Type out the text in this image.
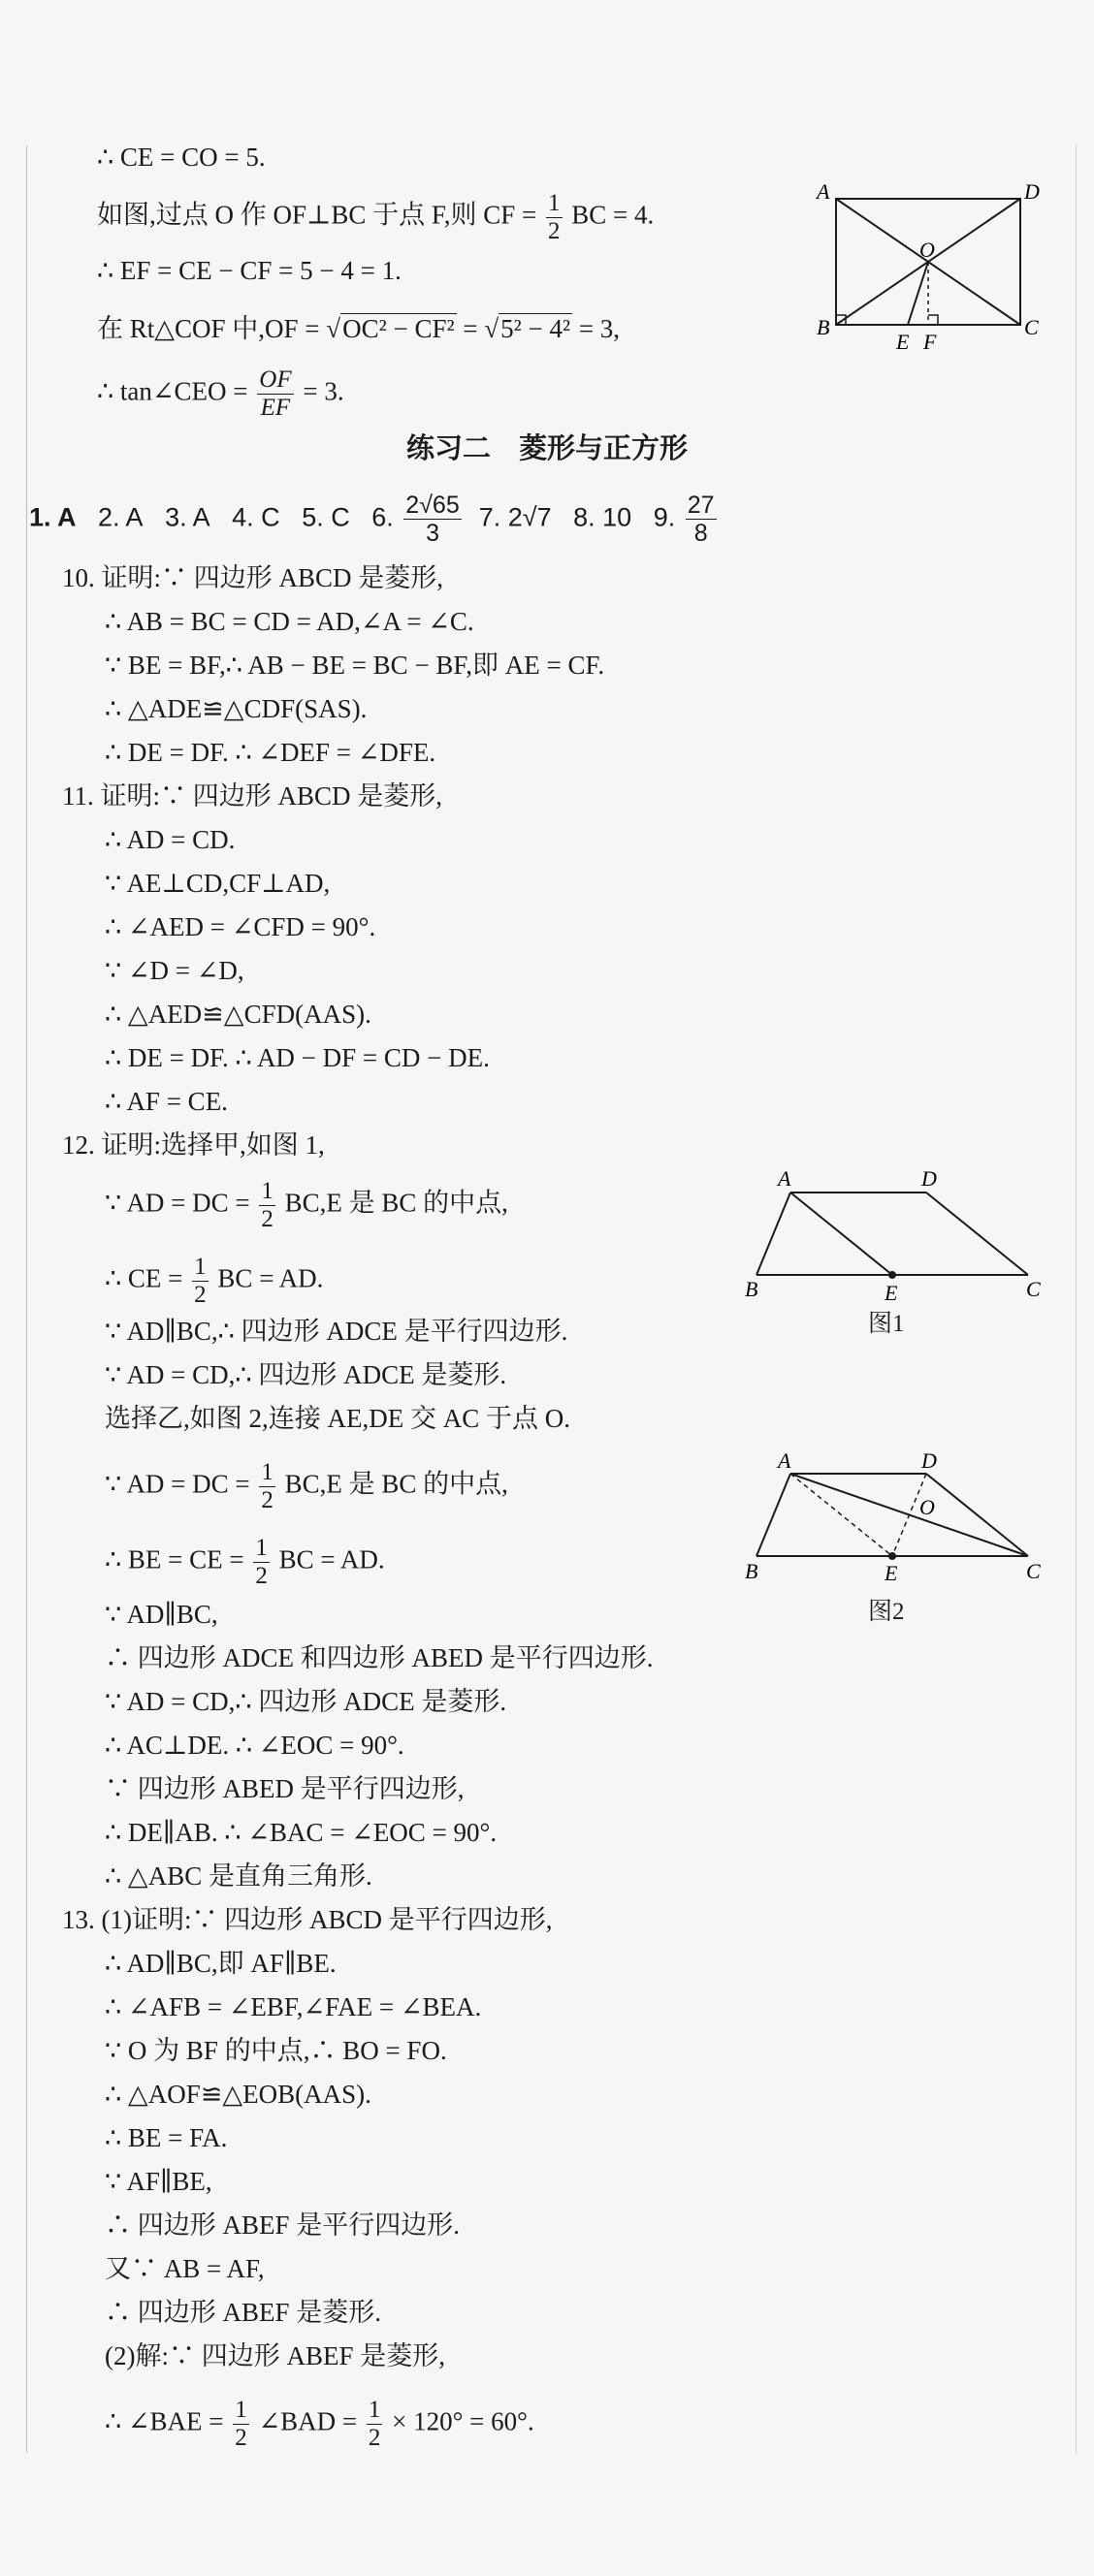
∴ CE = CO = 5.
如图,过点 O 作 OF⊥BC 于点 F,则 CF = $\frac{1}{2}$ BC = 4.
∴ EF = CE − CF = 5 − 4 = 1.
在 Rt△COF 中,OF = √OC² − CF² = √5² − 4² = 3,
∴ tan∠CEO = $\frac{OF}{EF} = 3$.
A	D
B	C
O
E F
练习二　菱形与正方形
1. A 2. A 3. A 4. C 5. C 6. $\frac{2√65}{3} 7$. 2√7 8. 10 9. $\frac{27}{8}$
10. 证明:∵ 四边形 ABCD 是菱形,
∴ AB = BC = CD = AD,∠A = ∠C.
∵ BE = BF,∴ AB − BE = BC − BF,即 AE = CF.
∴ △ADE≌△CDF(SAS).
∴ DE = DF. ∴ ∠DEF = ∠DFE.
11. 证明:∵ 四边形 ABCD 是菱形,
∴ AD = CD.
∵ AE⊥CD,CF⊥AD,
∴ ∠AED = ∠CFD = 90°.
∵ ∠D = ∠D,
∴ △AED≌△CFD(AAS).
∴ DE = DF. ∴ AD − DF = CD − DE.
∴ AF = CE.
12. 证明:选择甲,如图 1,
∵ AD = DC = $\frac{1}{2} BC,E$ 是 BC 的中点,
∴ CE = $\frac{1}{2}$ BC = AD.
∵ AD∥BC,∴ 四边形 ADCE 是平行四边形.
∵ AD = CD,∴ 四边形 ADCE 是菱形.
选择乙,如图 2,连接 AE,DE 交 AC 于点 O.
∵ AD = DC = $\frac{1}{2} BC,E$ 是 BC 的中点,
∴ BE = CE = $\frac{1}{2}$ BC = AD.
∵ AD∥BC,
∴ 四边形 ADCE 和四边形 ABED 是平行四边形.
∵ AD = CD,∴ 四边形 ADCE 是菱形.
∴ AC⊥DE. ∴ ∠EOC = 90°.
∵ 四边形 ABED 是平行四边形,
∴ DE∥AB. ∴ ∠BAC = ∠EOC = 90°.
∴ △ABC 是直角三角形.
A	D
B	E	C
图1
A	D
O
B	E	C
图2
13. (1)证明:∵ 四边形 ABCD 是平行四边形,
∴ AD∥BC,即 AF∥BE.
∴ ∠AFB = ∠EBF,∠FAE = ∠BEA.
∵ O 为 BF 的中点,∴ BO = FO.
∴ △AOF≌△EOB(AAS).
∴ BE = FA.
∵ AF∥BE,
∴ 四边形 ABEF 是平行四边形.
又∵ AB = AF,
∴ 四边形 ABEF 是菱形.
(2)解:∵ 四边形 ABEF 是菱形,
∴ ∠BAE = $\frac{1}{2}$ ∠BAD = $\frac{1}{2} \times 120^\circ = 60^\circ$.
